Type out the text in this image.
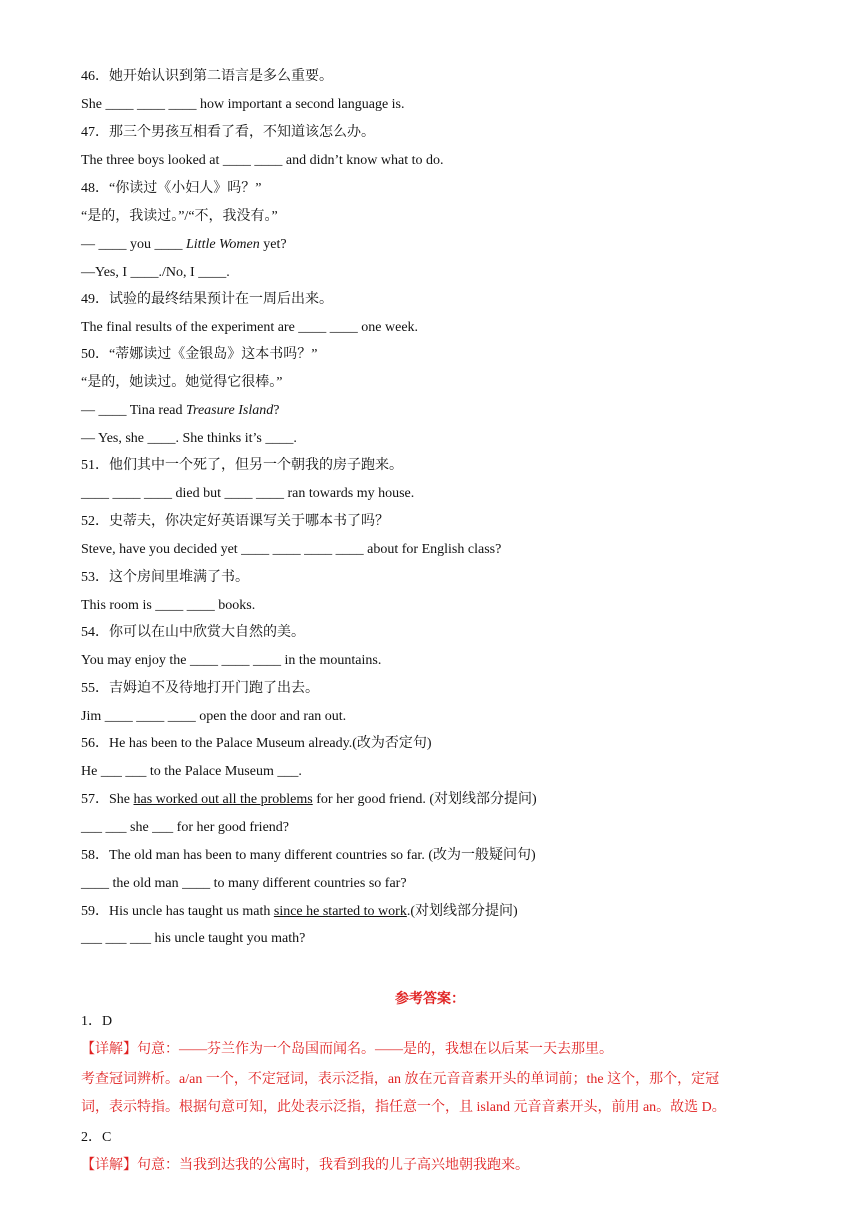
46．她开始认识到第二语言是多么重要。
She ____ ____ ____ how important a second language is.
47．那三个男孩互相看了看，不知道该怎么办。
The three boys looked at ____ ____ and didn’t know what to do.
48．“你读过《小妇人》吗？”
“是的，我读过。”/“不，我没有。”
— ____ you ____ Little Women yet?
—Yes, I ____./No, I ____.
49．试验的最终结果预计在一周后出来。
The final results of the experiment are ____ ____ one week.
50．“蒂娜读过《金银岛》这本书吗？”
“是的，她读过。她觉得它很棒。”
— ____ Tina read Treasure Island?
— Yes, she ____. She thinks it’s ____.
51．他们其中一个死了，但另一个朝我的房子跑来。
____ ____ ____ died but ____ ____ ran towards my house.
52．史蒂夫，你决定好英语课写关于哪本书了吗？
Steve, have you decided yet ____ ____ ____ ____ about for English class?
53．这个房间里堆满了书。
This room is ____ ____ books.
54．你可以在山中欣赏大自然的美。
You may enjoy the ____ ____ ____ in the mountains.
55．吉姆迫不及待地打开门跑了出去。
Jim ____ ____ ____ open the door and ran out.
56．He has been to the Palace Museum already.(改为否定句)
He ___ ___ to the Palace Museum ___.
57．She has worked out all the problems for her good friend. (对划线部分提问)
___ ___ she ___ for her good friend?
58．The old man has been to many different countries so far. (改为一般疑问句)
____ the old man ____ to many different countries so far?
59．His uncle has taught us math since he started to work.(对划线部分提问)
___ ___ ___ his uncle taught you math?
参考答案：
1．D
【详解】句意：——芬兰作为一个岛国而闻名。——是的，我想在以后某一天去那里。
考查冠词辨析。a/an 一个，不定冠词，表示泛指，an 放在元音音素开头的单词前；the 这个，那个，定冠
词，表示特指。根据句意可知，此处表示泛指，指任意一个，且 island 元音音素开头，前用 an。故选 D。
2．C
【详解】句意：当我到达我的公寓时，我看到我的儿子高兴地朝我跑来。
